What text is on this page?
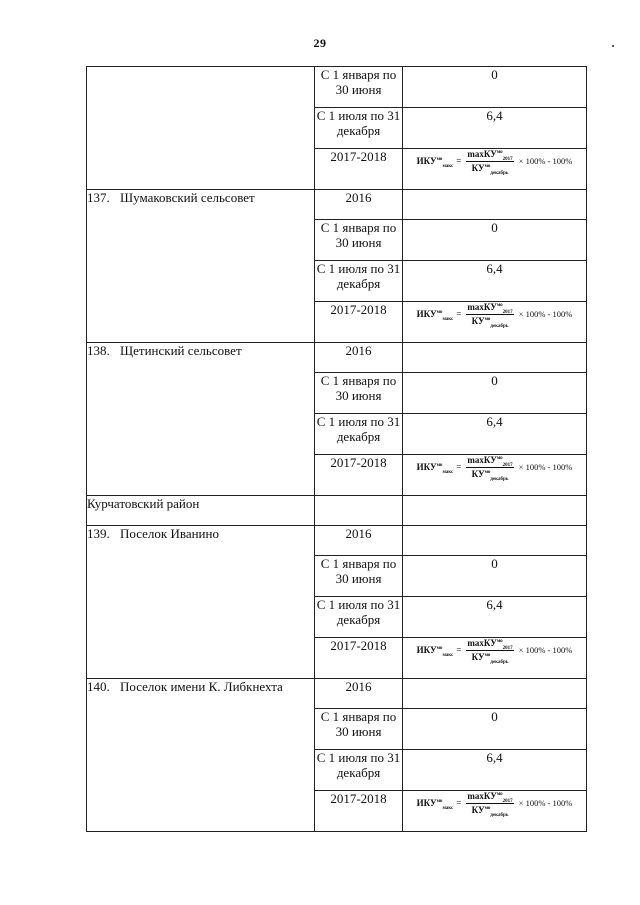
29
	С 1 января по 30 июня	0
	С 1 июля по 31 декабря	6,4
	2017-2018	$ИКУ^{мо}_{макс} = \frac{\max КУ^{мо}_{2017}}{КУ^{мо}_{декабрь}} \times 100\% - 100\%$

137. Шумаковский сельсовет	2016	
	С 1 января по 30 июня	0
	С 1 июля по 31 декабря	6,4
	2017-2018	$ИКУ^{мо}_{макс} = \frac{\max КУ^{мо}_{2017}}{КУ^{мо}_{декабрь}} \times 100\% - 100\%$

138. Щетинский сельсовет	2016	
	С 1 января по 30 июня	0
	С 1 июля по 31 декабря	6,4
	2017-2018	$ИКУ^{мо}_{макс} = \frac{\max КУ^{мо}_{2017}}{КУ^{мо}_{декабрь}} \times 100\% - 100\%$

Курчатовский район		
139. Поселок Иванино	2016	
	С 1 января по 30 июня	0
	С 1 июля по 31 декабря	6,4
	2017-2018	$ИКУ^{мо}_{макс} = \frac{\max КУ^{мо}_{2017}}{КУ^{мо}_{декабрь}} \times 100\% - 100\%$

140. Поселок имени К. Либкнехта	2016	
	С 1 января по 30 июня	0
	С 1 июля по 31 декабря	6,4
	2017-2018	$ИКУ^{мо}_{макс} = \frac{\max КУ^{мо}_{2017}}{КУ^{мо}_{декабрь}} \times 100\% - 100\%$
